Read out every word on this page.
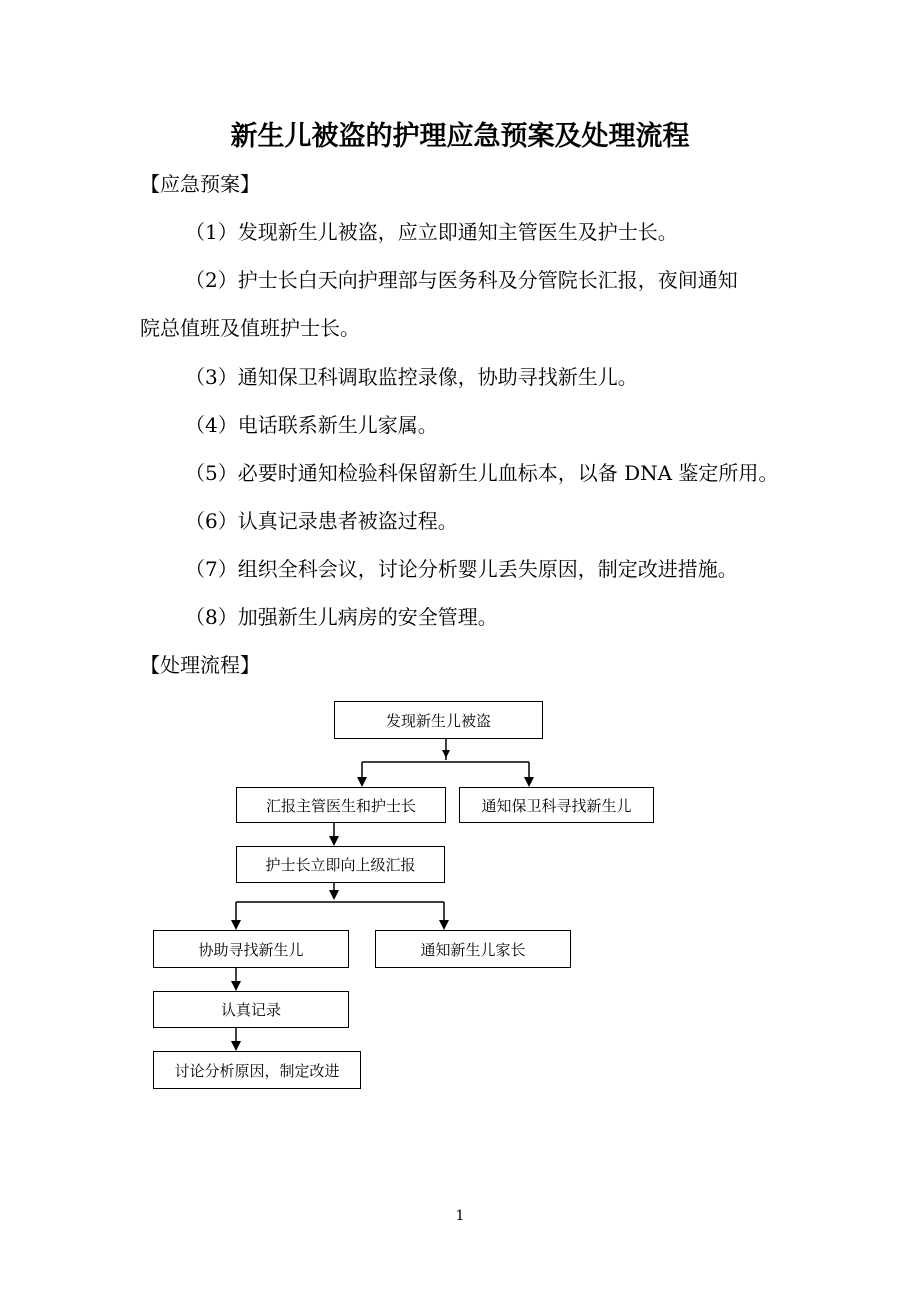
新生儿被盗的护理应急预案及处理流程
【应急预案】
（1）发现新生儿被盗，应立即通知主管医生及护士长。
（2）护士长白天向护理部与医务科及分管院长汇报，夜间通知
院总值班及值班护士长。
（3）通知保卫科调取监控录像，协助寻找新生儿。
（4）电话联系新生儿家属。
（5）必要时通知检验科保留新生儿血标本，以备 DNA 鉴定所用。
（6）认真记录患者被盗过程。
（7）组织全科会议，讨论分析婴儿丢失原因，制定改进措施。
（8）加强新生儿病房的安全管理。
【处理流程】
发现新生儿被盗
汇报主管医生和护士长	通知保卫科寻找新生儿
护士长立即向上级汇报
协助寻找新生儿	通知新生儿家长
认真记录
讨论分析原因，制定改进
1
